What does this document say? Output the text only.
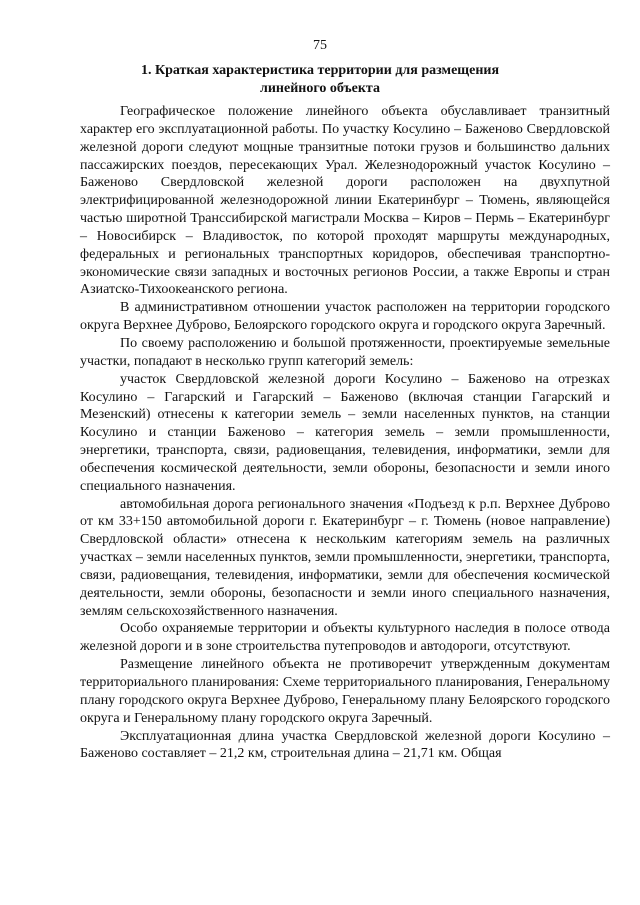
75
1. Краткая характеристика территории для размещения
линейного объекта

Географическое положение линейного объекта обуславливает транзитный характер его эксплуатационной работы. По участку Косулино – Баженово Свердловской железной дороги следуют мощные транзитные потоки грузов и большинство дальних пассажирских поездов, пересекающих Урал. Железнодорожный участок Косулино – Баженово Свердловской железной дороги расположен на двухпутной электрифицированной железнодорожной линии Екатеринбург – Тюмень, являющейся частью широтной Транссибирской магистрали Москва – Киров – Пермь – Екатеринбург – Новосибирск – Владивосток, по которой проходят маршруты международных, федеральных и региональных транспортных коридоров, обеспечивая транспортно-экономические связи западных и восточных регионов России, а также Европы и стран Азиатско-Тихоокеанского региона.

В административном отношении участок расположен на территории городского округа Верхнее Дуброво, Белоярского городского округа и городского округа Заречный.

По своему расположению и большой протяженности, проектируемые земельные участки, попадают в несколько групп категорий земель:

участок Свердловской железной дороги Косулино – Баженово на отрезках Косулино – Гагарский и Гагарский – Баженово (включая станции Гагарский и Мезенский) отнесены к категории земель – земли населенных пунктов, на станции Косулино и станции Баженово – категория земель – земли промышленности, энергетики, транспорта, связи, радиовещания, телевидения, информатики, земли для обеспечения космической деятельности, земли обороны, безопасности и земли иного специального назначения.

автомобильная дорога регионального значения «Подъезд к р.п. Верхнее Дуброво от км 33+150 автомобильной дороги г. Екатеринбург – г. Тюмень (новое направление) Свердловской области» отнесена к нескольким категориям земель на различных участках – земли населенных пунктов, земли промышленности, энергетики, транспорта, связи, радиовещания, телевидения, информатики, земли для обеспечения космической деятельности, земли обороны, безопасности и земли иного специального назначения, землям сельскохозяйственного назначения.

Особо охраняемые территории и объекты культурного наследия в полосе отвода железной дороги и в зоне строительства путепроводов и автодороги, отсутствуют.

Размещение линейного объекта не противоречит утвержденным документам территориального планирования: Схеме территориального планирования, Генеральному плану городского округа Верхнее Дуброво, Генеральному плану Белоярского городского округа и Генеральному плану городского округа Заречный.

Эксплуатационная длина участка Свердловской железной дороги Косулино – Баженово составляет – 21,2 км, строительная длина – 21,71 км. Общая
